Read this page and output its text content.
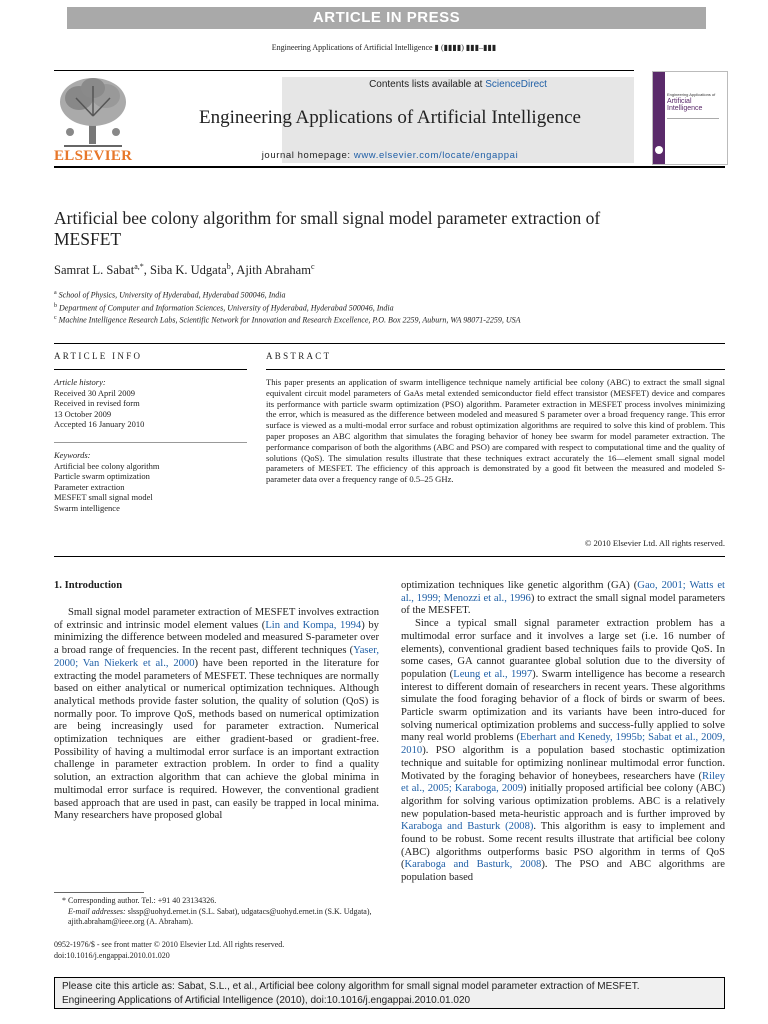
ARTICLE IN PRESS
Engineering Applications of Artificial Intelligence ▮ (▮▮▮▮) ▮▮▮–▮▮▮
ELSEVIER
Contents lists available at ScienceDirect
Engineering Applications of Artificial Intelligence
journal homepage: www.elsevier.com/locate/engappai
Engineering Applications of
Artificial
Intelligence
Artificial bee colony algorithm for small signal model parameter extraction of MESFET
Samrat L. Sabat$^{a,*}$, Siba K. Udgata$^b$, Ajith Abraham$^c$
$^a$ School of Physics, University of Hyderabad, Hyderabad 500046, India
$^b$ Department of Computer and Information Sciences, University of Hyderabad, Hyderabad 500046, India
$^c$ Machine Intelligence Research Labs, Scientific Network for Innovation and Research Excellence, P.O. Box 2259, Auburn, WA 98071-2259, USA
ARTICLE INFO	ABSTRACT
Article history:
Received 30 April 2009
Received in revised form
13 October 2009
Accepted 16 January 2010
Keywords:
Artificial bee colony algorithm
Particle swarm optimization
Parameter extraction
MESFET small signal model
Swarm intelligence
This paper presents an application of swarm intelligence technique namely artificial bee colony (ABC) to extract the small signal equivalent circuit model parameters of GaAs metal extended semiconductor field effect transistor (MESFET) device and compares its performance with particle swarm optimization (PSO) algorithm. Parameter extraction in MESFET process involves minimizing the error, which is measured as the difference between modeled and measured S parameter over a broad frequency range. This error surface is viewed as a multi-modal error surface and robust optimization algorithms are required to solve this kind of problem. This paper proposes an ABC algorithm that simulates the foraging behavior of honey bee swarm for model parameter extraction. The performance comparison of both the algorithms (ABC and PSO) are compared with respect to computational time and the quality of solutions (QoS). The simulation results illustrate that these techniques extract accurately the 16—element small signal model parameters of MESFET. The efficiency of this approach is demonstrated by a good fit between the measured and modeled S-parameter data over a frequency range of 0.5–25 GHz.
© 2010 Elsevier Ltd. All rights reserved.
1. Introduction

Small signal model parameter extraction of MESFET involves extraction of extrinsic and intrinsic model element values (Lin and Kompa, 1994) by minimizing the difference between modeled and measured S-parameter over a broad range of frequencies. In the recent past, different techniques (Yaser, 2000; Van Niekerk et al., 2000) have been reported in the literature for extracting the model parameters of MESFET. These techniques are normally based on either analytical or numerical optimization techniques. Although analytical methods provide faster solution, the quality of solution (QoS) is normally poor. To improve QoS, methods based on numerical optimization are being increasingly used for parameter extraction. Numerical optimization techniques are either gradient-based or gradient-free. Possibility of having a multimodal error surface is an important extraction challenge in parameter extraction problem. In order to find a quality solution, an extraction algorithm that can achieve the global minima in multimodal error surface is required. However, the conventional gradient based approach that are used in past, can easily be trapped in local minima. Many researchers have proposed global

optimization techniques like genetic algorithm (GA) (Gao, 2001; Watts et al., 1999; Menozzi et al., 1996) to extract the small signal model parameters of the MESFET.

Since a typical small signal parameter extraction problem has a multimodal error surface and it involves a large set (i.e. 16 number of elements), conventional gradient based techniques fails to provide QoS. In some cases, GA cannot guarantee global solution due to the diversity of population (Leung et al., 1997). Swarm intelligence has become a research interest to different domain of researchers in recent years. These algorithms simulate the food foraging behavior of a flock of birds or swarm of bees. Particle swarm optimization and its variants have been intro-duced for solving numerical optimization problems and success-fully applied to solve many real world problems (Eberhart and Kenedy, 1995b; Sabat et al., 2009, 2010). PSO algorithm is a population based stochastic optimization technique and suitable for optimizing nonlinear multimodal error function. Motivated by the foraging behavior of honeybees, researchers have (Riley et al., 2005; Karaboga, 2009) initially proposed artificial bee colony (ABC) algorithm for solving various optimization problems. ABC is a relatively new population-based meta-heuristic approach and is further improved by Karaboga and Basturk (2008). This algorithm is easy to implement and found to be robust. Some recent results illustrate that artificial bee colony (ABC) algorithms outperforms basic PSO algorithm in terms of QoS (Karaboga and Basturk, 2008). The PSO and ABC algorithms are population based

* Corresponding author. Tel.: +91 40 23134326.
E-mail addresses: slssp@uohyd.ernet.in (S.L. Sabat), udgatacs@uohyd.ernet.in (S.K. Udgata), ajith.abraham@ieee.org (A. Abraham).
0952-1976/$ - see front matter © 2010 Elsevier Ltd. All rights reserved.
doi:10.1016/j.engappai.2010.01.020
Please cite this article as: Sabat, S.L., et al., Artificial bee colony algorithm for small signal model parameter extraction of MESFET.
Engineering Applications of Artificial Intelligence (2010), doi:10.1016/j.engappai.2010.01.020
